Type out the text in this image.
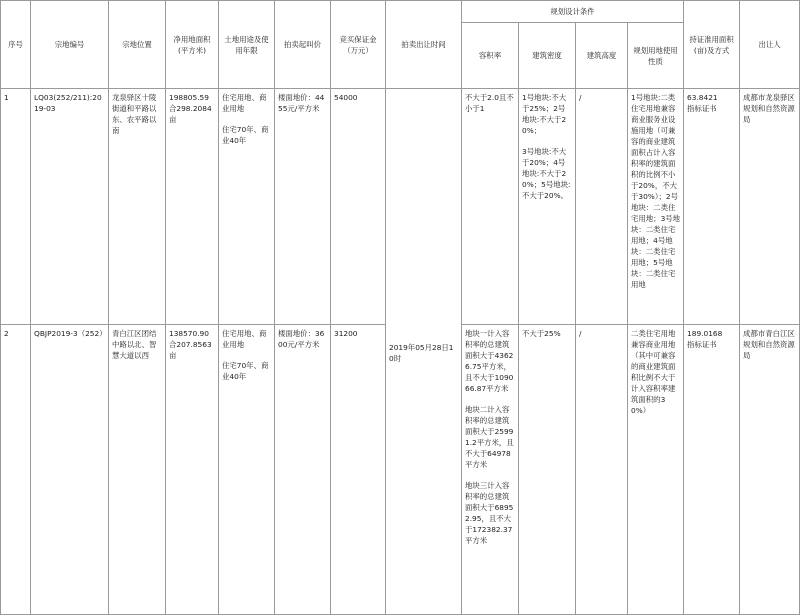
序号	宗地编号	宗地位置	净用地面积(平方米)	土地用途及使用年限	拍卖起叫价	竞买保证金（万元）	拍卖出让时间	规划设计条件				持证准用面积(亩)及方式	出让人
								容积率	建筑密度	建筑高度	规划用地使用性质		
1	LQ03(252/211):2019-03	龙泉驿区十陵街道和平路以东、农平路以南	198805.59
合298.2084亩	住宅用地、商业用地
住宅70年、商业40年	楼面地价：4455元/平方米	54000	2019年05月28日10时	不大于2.0且不小于1	1号地块:不大于25%；2号地块:不大于20%；
3号地块:不大于20%；4号地块:不大于20%；5号地块:不大于20%。	/	1号地块:二类住宅用地兼容商业服务业设施用地（可兼容的商业建筑面积占计入容积率的建筑面积的比例不小于20%，不大于30%）；2号地块：二类住宅用地；3号地块：二类住宅用地；4号地块：二类住宅用地；5号地块：二类住宅用地	63.8421
指标证书	成都市龙泉驿区规划和自然资源局
2	QBJP2019-3（252）	青白江区团结中路以北、智慧大道以西	138570.90
合207.8563亩	住宅用地、商业用地
住宅70年、商业40年	楼面地价：3600元/平方米	31200		地块一计入容积率的总建筑面积大于43626.75平方米，且不大于109066.87平方米
地块二计入容积率的总建筑面积大于25991.2平方米，且不大于64978平方米
地块三计入容积率的总建筑面积大于68952.95，且不大于172382.37平方米	不大于25%	/	二类住宅用地兼容商业用地（其中可兼容的商业建筑面积比例不大于计入容积率建筑面积的30%）	189.0168
指标证书	成都市青白江区规划和自然资源局
